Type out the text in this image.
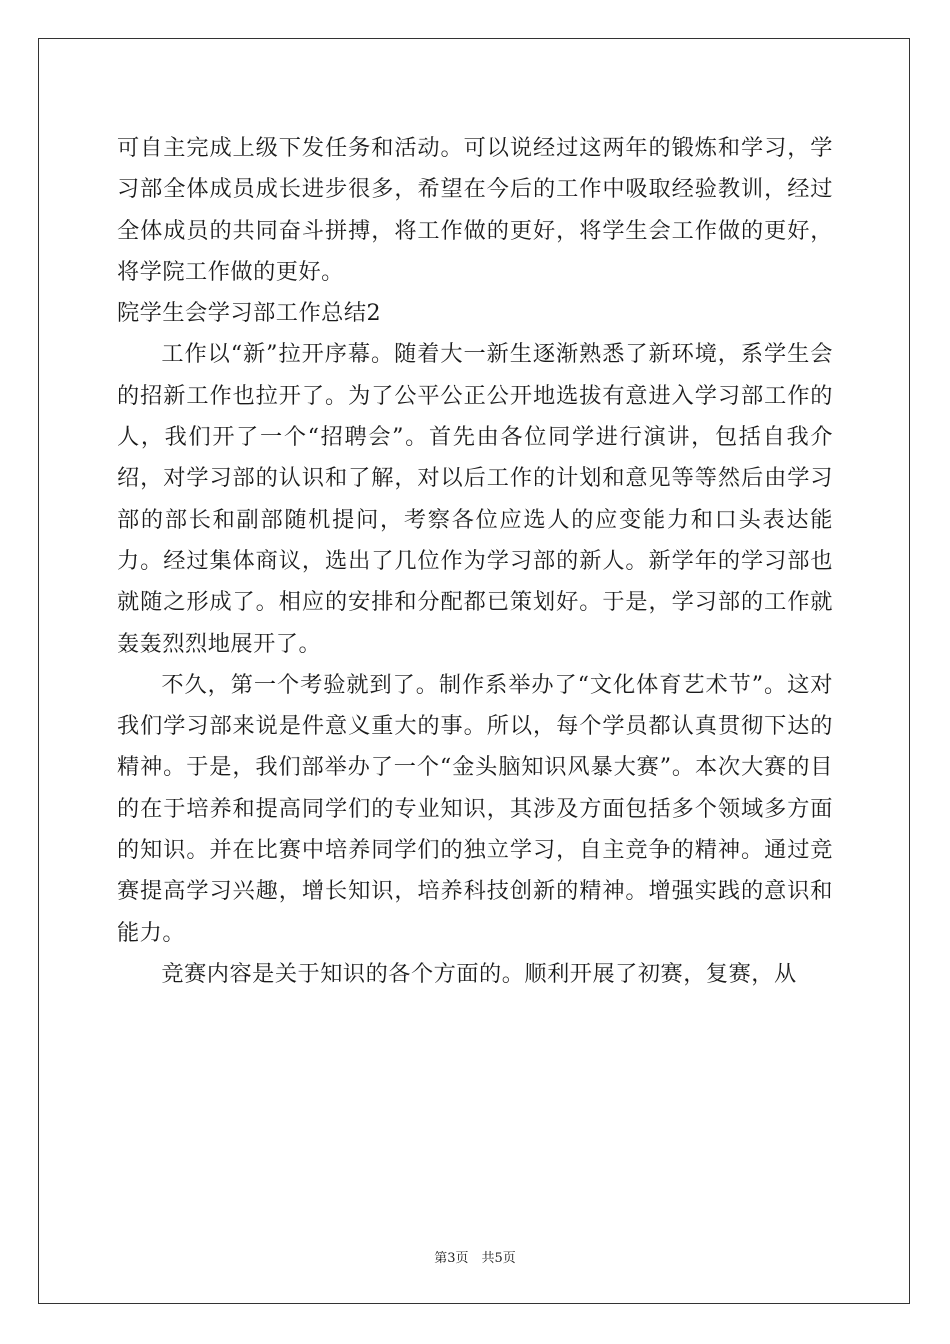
可自主完成上级下发任务和活动。可以说经过这两年的锻炼和学习，学习部全体成员成长进步很多，希望在今后的工作中吸取经验教训，经过全体成员的共同奋斗拼搏，将工作做的更好，将学生会工作做的更好，将学院工作做的更好。

院学生会学习部工作总结2

工作以“新”拉开序幕。随着大一新生逐渐熟悉了新环境，系学生会的招新工作也拉开了。为了公平公正公开地选拔有意进入学习部工作的人，我们开了一个“招聘会”。首先由各位同学进行演讲，包括自我介绍，对学习部的认识和了解，对以后工作的计划和意见等等然后由学习部的部长和副部随机提问，考察各位应选人的应变能力和口头表达能力。经过集体商议，选出了几位作为学习部的新人。新学年的学习部也就随之形成了。相应的安排和分配都已策划好。于是，学习部的工作就轰轰烈烈地展开了。

不久，第一个考验就到了。制作系举办了“文化体育艺术节”。这对我们学习部来说是件意义重大的事。所以，每个学员都认真贯彻下达的精神。于是，我们部举办了一个“金头脑知识风暴大赛”。本次大赛的目的在于培养和提高同学们的专业知识，其涉及方面包括多个领域多方面的知识。并在比赛中培养同学们的独立学习，自主竞争的精神。通过竞赛提高学习兴趣，增长知识，培养科技创新的精神。增强实践的意识和能力。

竞赛内容是关于知识的各个方面的。顺利开展了初赛，复赛，从

第3页　共5页
